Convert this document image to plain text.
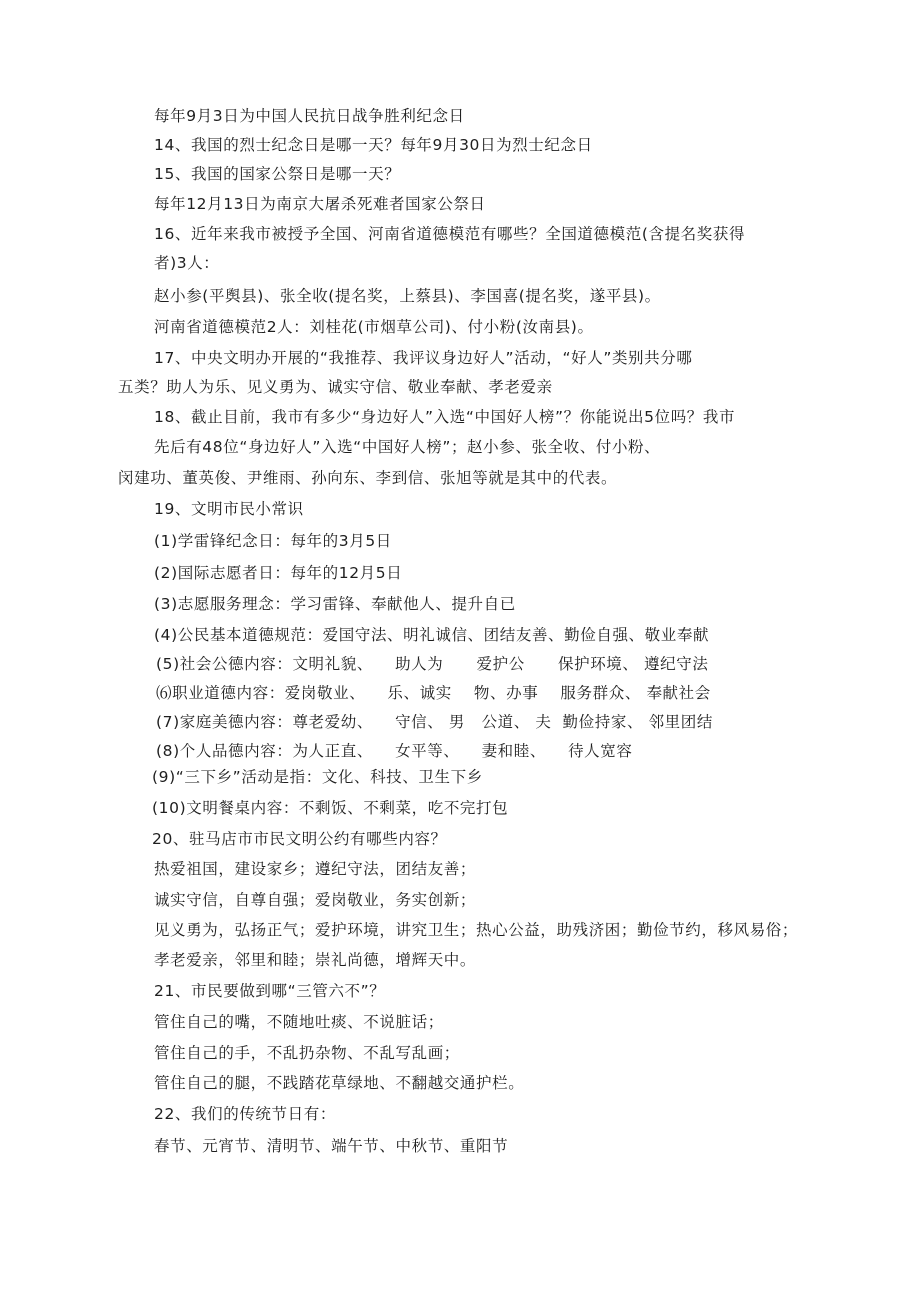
每年9月3日为中国人民抗日战争胜利纪念日
14、我国的烈士纪念日是哪一天？每年9月30日为烈士纪念日
15、我国的国家公祭日是哪一天？
每年12月13日为南京大屠杀死难者国家公祭日
16、近年来我市被授予全国、河南省道德模范有哪些？全国道德模范(含提名奖获得
者)3人：
赵小参(平舆县)、张全收(提名奖，上蔡县)、李国喜(提名奖，遂平县)。
河南省道德模范2人：刘桂花(市烟草公司)、付小粉(汝南县)。
17、中央文明办开展的“我推荐、我评议身边好人”活动，“好人”类别共分哪
五类？助人为乐、见义勇为、诚实守信、敬业奉献、孝老爱亲
18、截止目前，我市有多少“身边好人”入选“中国好人榜”？你能说出5位吗？我市
先后有48位“身边好人”入选“中国好人榜”；赵小参、张全收、付小粉、
闵建功、董英俊、尹维雨、孙向东、李到信、张旭等就是其中的代表。
19、文明市民小常识
(1)学雷锋纪念日：每年的3月5日
(2)国际志愿者日：每年的12月5日
(3)志愿服务理念：学习雷锋、奉献他人、提升自已
(4)公民基本道德规范：爱国守法、明礼诚信、团结友善、勤俭自强、敬业奉献
(5)社会公德内容：文明礼貌、    助人为      爱护公      保护环境、 遵纪守法
⑹职业道德内容：爱岗敬业、    乐、诚实    物、办事    服务群众、 奉献社会
(7)家庭美德内容：尊老爱幼、    守信、 男   公道、 夫  勤俭持家、 邻里团结
(8)个人品德内容：为人正直、    女平等、    妻和睦、    待人宽容
(9)“三下乡”活动是指：文化、科技、卫生下乡
(10)文明餐桌内容：不剩饭、不剩菜，吃不完打包
20、驻马店市市民文明公约有哪些内容？
热爱祖国，建设家乡；遵纪守法，团结友善；
诚实守信，自尊自强；爱岗敬业，务实创新；
见义勇为，弘扬正气；爱护环境，讲究卫生；热心公益，助残济困；勤俭节约，移风易俗；
孝老爱亲，邻里和睦；崇礼尚德，增辉天中。
21、市民要做到哪“三管六不”？
管住自己的嘴，不随地吐痰、不说脏话；
管住自己的手，不乱扔杂物、不乱写乱画；
管住自己的腿，不践踏花草绿地、不翻越交通护栏。
22、我们的传统节日有：
春节、元宵节、清明节、端午节、中秋节、重阳节
